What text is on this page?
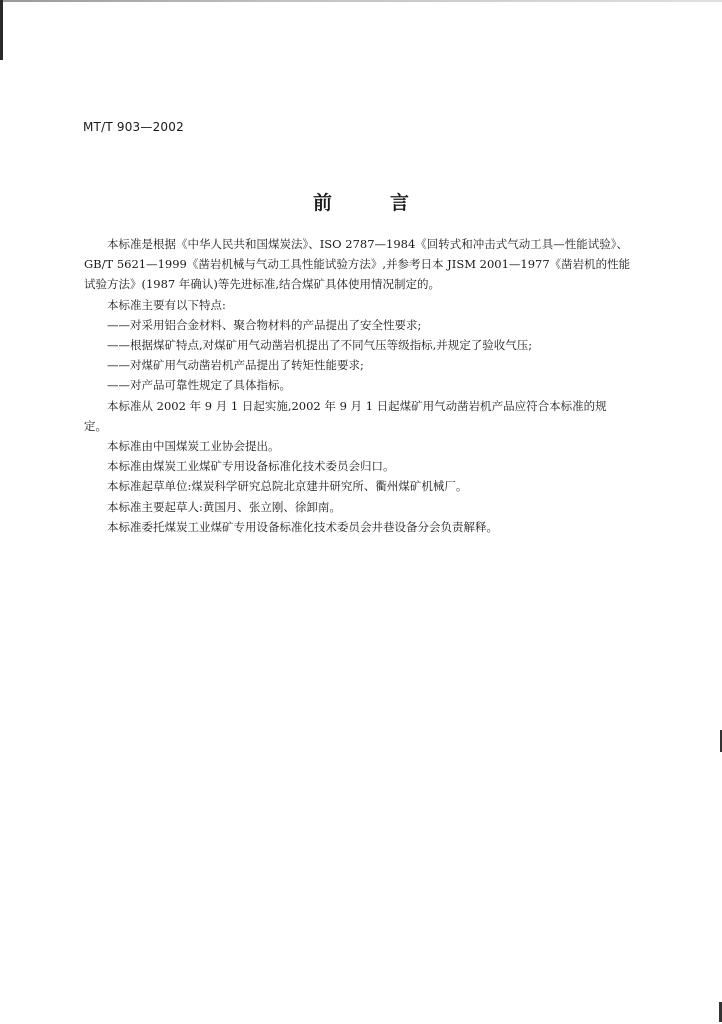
MT/T 903—2002
前言
本标准是根据《中华人民共和国煤炭法》、ISO 2787—1984《回转式和冲击式气动工具—性能试验》、
GB/T 5621—1999《凿岩机械与气动工具性能试验方法》,并参考日本 JISM 2001—1977《凿岩机的性能
试验方法》(1987 年确认)等先进标准,结合煤矿具体使用情况制定的。
本标准主要有以下特点:
——对采用铝合金材料、聚合物材料的产品提出了安全性要求;
——根据煤矿特点,对煤矿用气动凿岩机提出了不同气压等级指标,并规定了验收气压;
——对煤矿用气动凿岩机产品提出了转矩性能要求;
——对产品可靠性规定了具体指标。
本标准从 2002 年 9 月 1 日起实施,2002 年 9 月 1 日起煤矿用气动凿岩机产品应符合本标准的规
定。
本标准由中国煤炭工业协会提出。
本标准由煤炭工业煤矿专用设备标准化技术委员会归口。
本标准起草单位:煤炭科学研究总院北京建井研究所、衢州煤矿机械厂。
本标准主要起草人:黄国月、张立刚、徐卸南。
本标准委托煤炭工业煤矿专用设备标准化技术委员会井巷设备分会负责解释。
